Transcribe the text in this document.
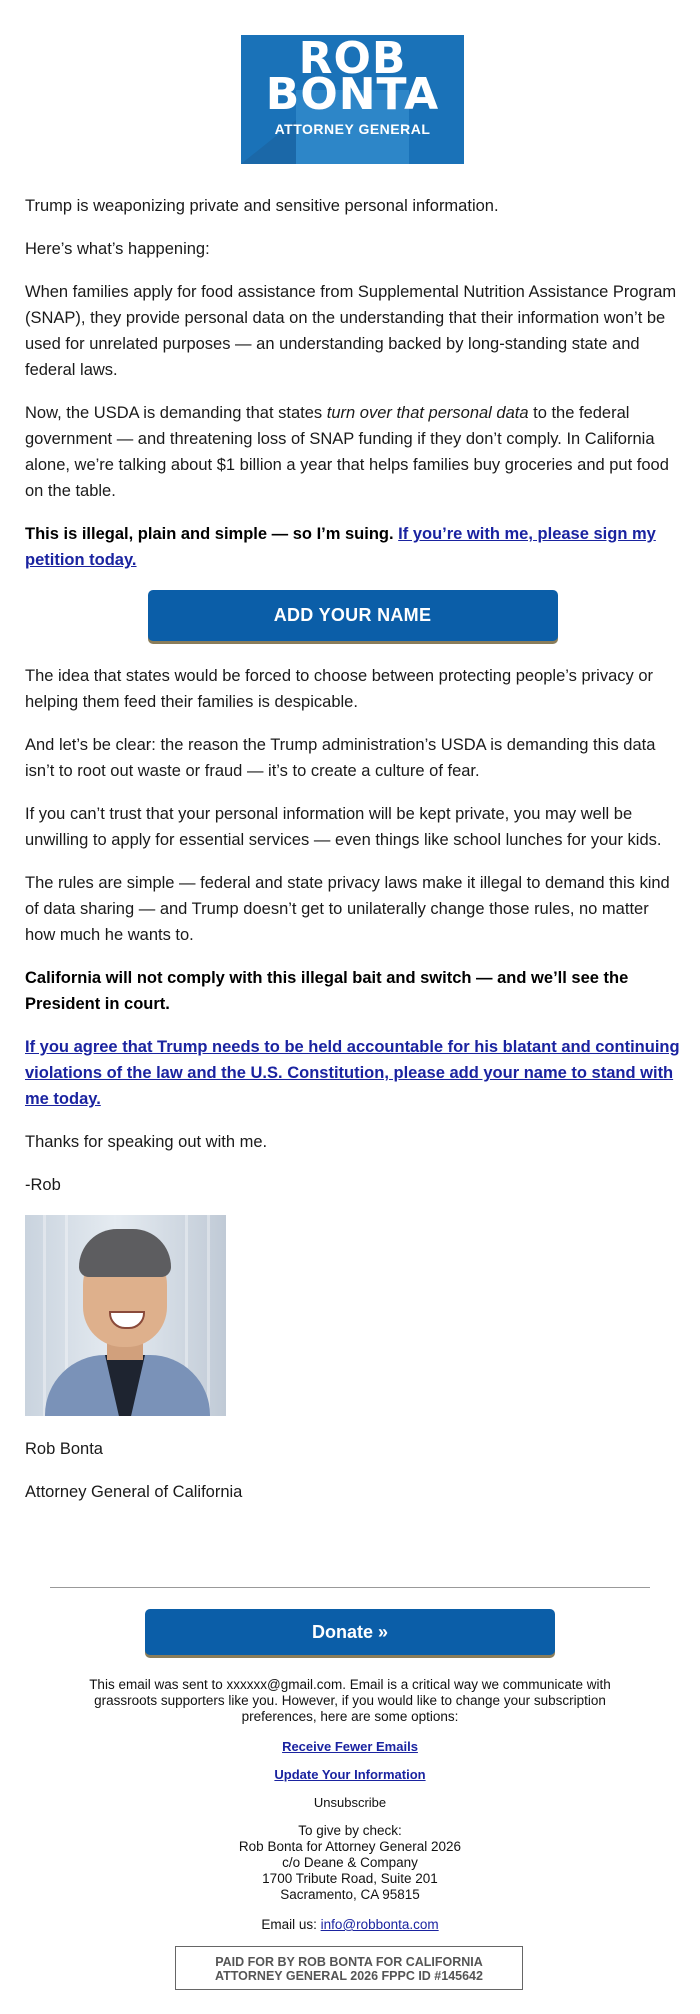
ROB
BONTA
ATTORNEY GENERAL

Trump is weaponizing private and sensitive personal information.

Here’s what’s happening:

When families apply for food assistance from Supplemental Nutrition Assistance Program (SNAP), they provide personal data on the understanding that their information won’t be used for unrelated purposes — an understanding backed by long-standing state and federal laws.

Now, the USDA is demanding that states turn over that personal data to the federal government — and threatening loss of SNAP funding if they don’t comply. In California alone, we’re talking about $1 billion a year that helps families buy groceries and put food on the table.

This is illegal, plain and simple — so I’m suing. If you’re with me, please sign my petition today.

ADD YOUR NAME

The idea that states would be forced to choose between protecting people’s privacy or helping them feed their families is despicable.

And let’s be clear: the reason the Trump administration’s USDA is demanding this data isn’t to root out waste or fraud — it’s to create a culture of fear.

If you can’t trust that your personal information will be kept private, you may well be unwilling to apply for essential services — even things like school lunches for your kids.

The rules are simple — federal and state privacy laws make it illegal to demand this kind of data sharing — and Trump doesn’t get to unilaterally change those rules, no matter how much he wants to.

California will not comply with this illegal bait and switch — and we’ll see the President in court.

If you agree that Trump needs to be held accountable for his blatant and continuing violations of the law and the U.S. Constitution, please add your name to stand with me today.

Thanks for speaking out with me.

-Rob

Rob Bonta

Attorney General of California

Donate »

This email was sent to xxxxxx@gmail.com. Email is a critical way we communicate with grassroots supporters like you. However, if you would like to change your subscription preferences, here are some options:

Receive Fewer Emails

Update Your Information

Unsubscribe

To give by check:
Rob Bonta for Attorney General 2026
c/o Deane & Company
1700 Tribute Road, Suite 201
Sacramento, CA 95815

Email us: info@robbonta.com

PAID FOR BY ROB BONTA FOR CALIFORNIA
ATTORNEY GENERAL 2026 FPPC ID #145642
